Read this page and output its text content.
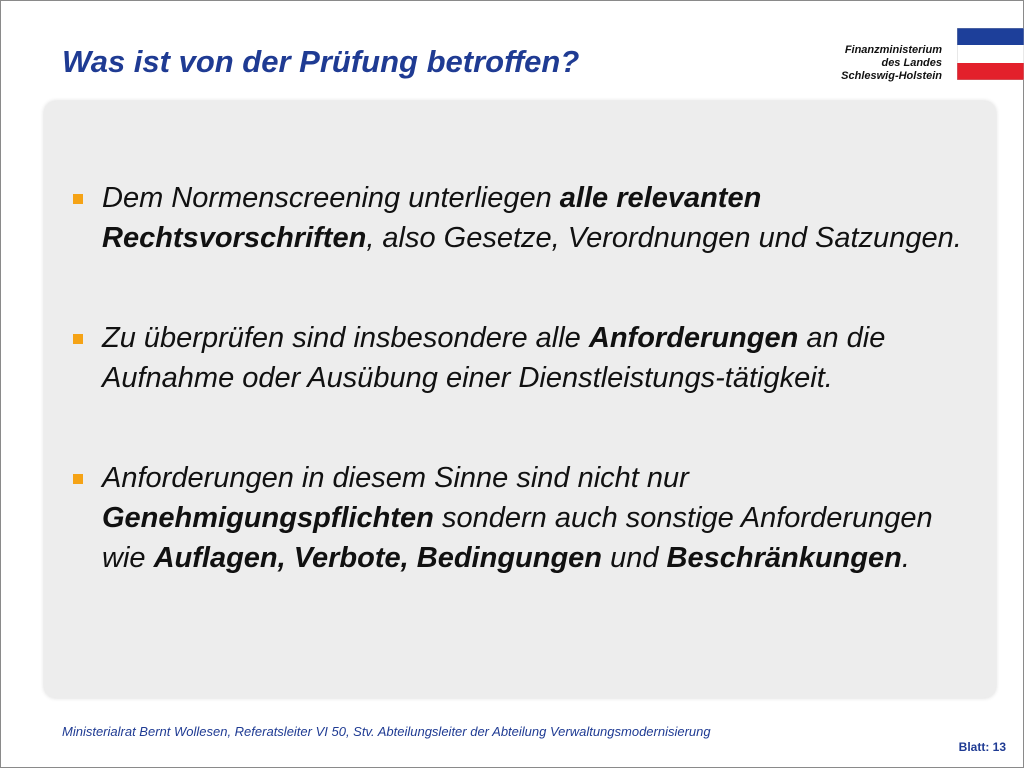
Was ist von der Prüfung betroffen?	Finanzministerium
des Landes
Schleswig-Holstein
Dem Normenscreening unterliegen alle relevanten Rechtsvorschriften, also Gesetze, Verordnungen und Satzungen.
Zu überprüfen sind insbesondere alle Anforderungen an die Aufnahme oder Ausübung einer Dienstleistungs-tätigkeit.
Anforderungen in diesem Sinne sind nicht nur Genehmigungspflichten sondern auch sonstige Anforderungen wie Auflagen, Verbote, Bedingungen und Beschränkungen.
Ministerialrat Bernt Wollesen, Referatsleiter VI 50, Stv. Abteilungsleiter der Abteilung Verwaltungsmodernisierung
Blatt: 13
